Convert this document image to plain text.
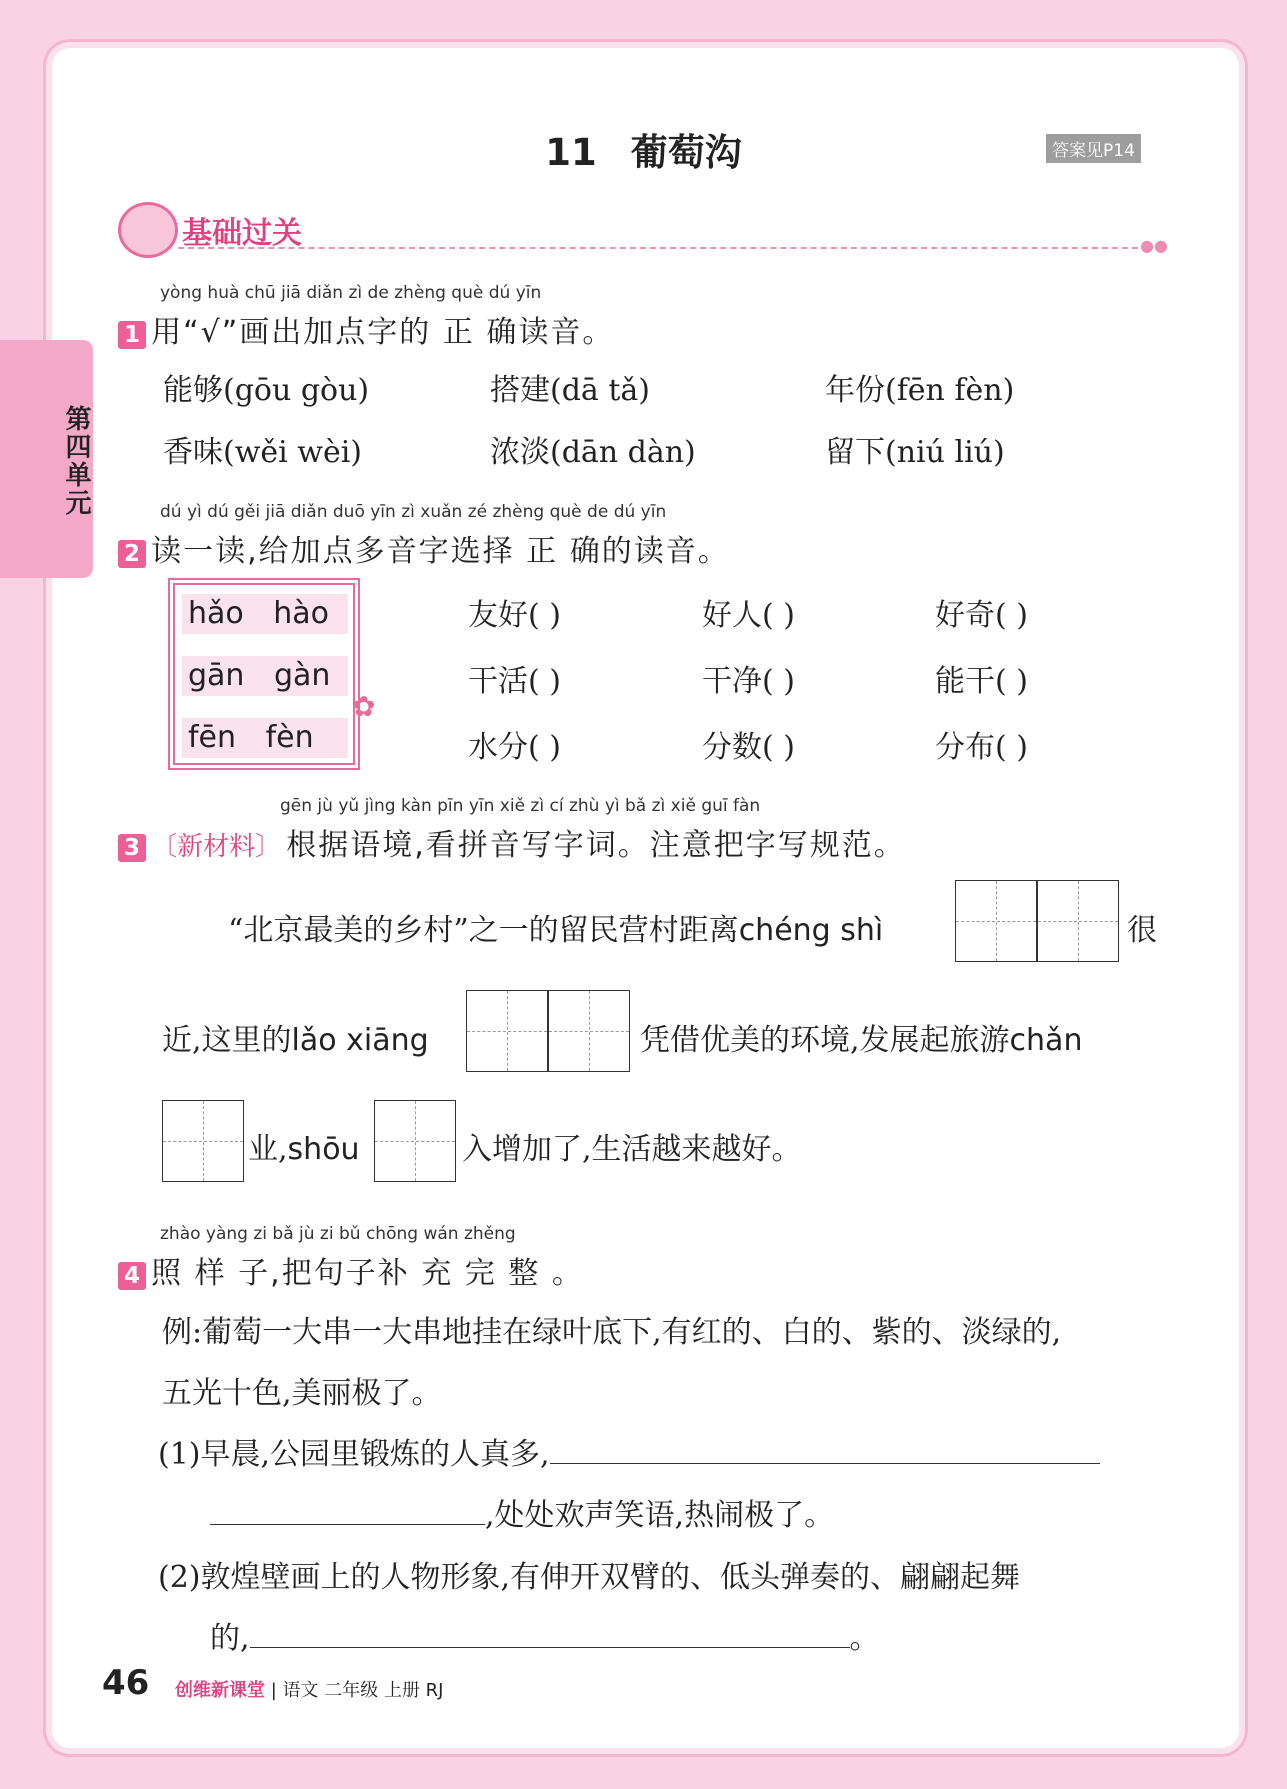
第四单元
11 葡萄沟	答案见P14
基础过关	●●
yòng huà chū jiā diǎn zì de zhèng què dú yīn
1 用“√”画出加点字的 正 确读音。
能够(gōu gòu)	搭建(dā tǎ)	年份(fēn fèn)
香味(wěi wèi)	浓淡(dān dàn)	留下(niú liú)
dú yì dú gěi jiā diǎn duō yīn zì xuǎn zé zhèng què de dú yīn
2 读一读,给加点多音字选择 正 确的读音。
hǎo hào
gān gàn
fēn fèn
✿
友好( )	好人( )	好奇( )
干活( )	干净( )	能干( )
水分( )	分数( )	分布( )
gēn jù yǔ jìng kàn pīn yīn xiě zì cí zhù yì bǎ zì xiě guī fàn
3 〔新材料〕 根据语境,看拼音写字词。注意把字写规范。
“北京最美的乡村”之一的留民营村距离chéng shì	很
近,这里的lǎo xiāng	凭借优美的环境,发展起旅游chǎn
业,shōu	入增加了,生活越来越好。
zhào yàng zi bǎ jù zi bǔ chōng wán zhěng
4 照 样 子,把句子补 充 完 整 。
例:葡萄一大串一大串地挂在绿叶底下,有红的、白的、紫的、淡绿的,
五光十色,美丽极了。
(1)早晨,公园里锻炼的人真多,
,处处欢声笑语,热闹极了。
(2)敦煌壁画上的人物形象,有伸开双臂的、低头弹奏的、翩翩起舞
的,	。
46 创维新课堂 | 语文 二年级 上册 RJ
